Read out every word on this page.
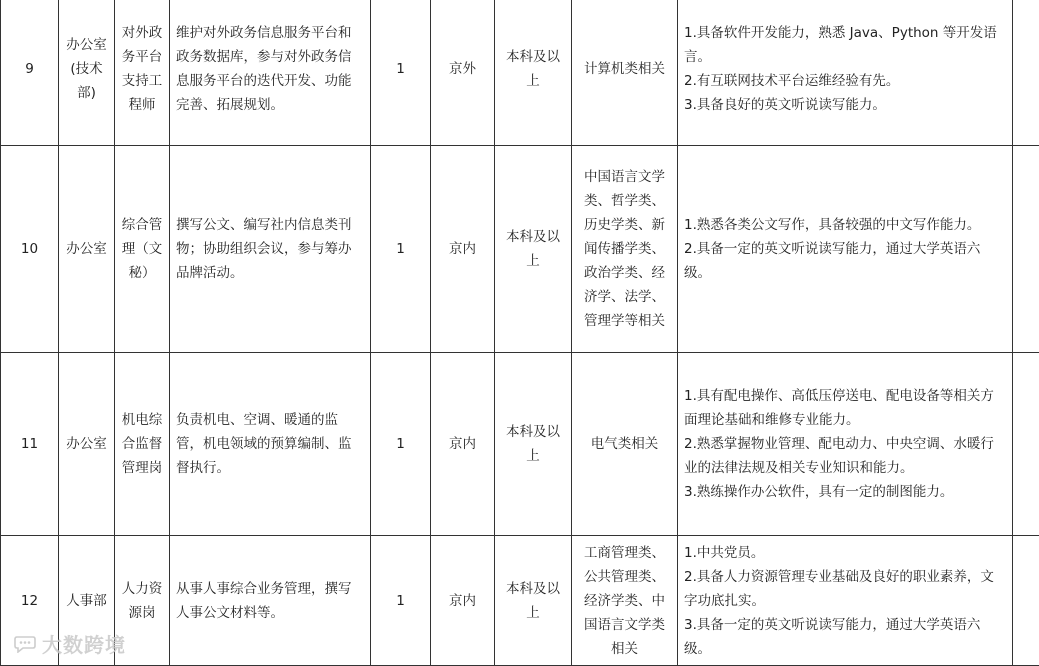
9	办公室(技术部)	对外政务平台支持工程师	维护对外政务信息服务平台和政务数据库，参与对外政务信息服务平台的迭代开发、功能完善、拓展规划。	1	京外	本科及以上	计算机类相关	1.具备软件开发能力，熟悉 Java、Python 等开发语言。
2.有互联网技术平台运维经验有先。
3.具备良好的英文听说读写能力。	

10	办公室	综合管理（文秘）	撰写公文、编写社内信息类刊物；协助组织会议，参与筹办品牌活动。	1	京内	本科及以上	中国语言文学类、哲学类、历史学类、新闻传播学类、政治学类、经济学、法学、管理学等相关	1.熟悉各类公文写作，具备较强的中文写作能力。
2.具备一定的英文听说读写能力，通过大学英语六级。	

11	办公室	机电综合监督管理岗	负责机电、空调、暖通的监管，机电领域的预算编制、监督执行。	1	京内	本科及以上	电气类相关	1.具有配电操作、高低压停送电、配电设备等相关方面理论基础和维修专业能力。
2.熟悉掌握物业管理、配电动力、中央空调、水暖行业的法律法规及相关专业知识和能力。
3.熟练操作办公软件，具有一定的制图能力。	

12	人事部	人力资源岗	从事人事综合业务管理，撰写人事公文材料等。	1	京内	本科及以上	工商管理类、公共管理类、经济学类、中国语言文学类相关	1.中共党员。
2.具备人力资源管理专业基础及良好的职业素养，文字功底扎实。
3.具备一定的英文听说读写能力，通过大学英语六级。	

大数跨境
